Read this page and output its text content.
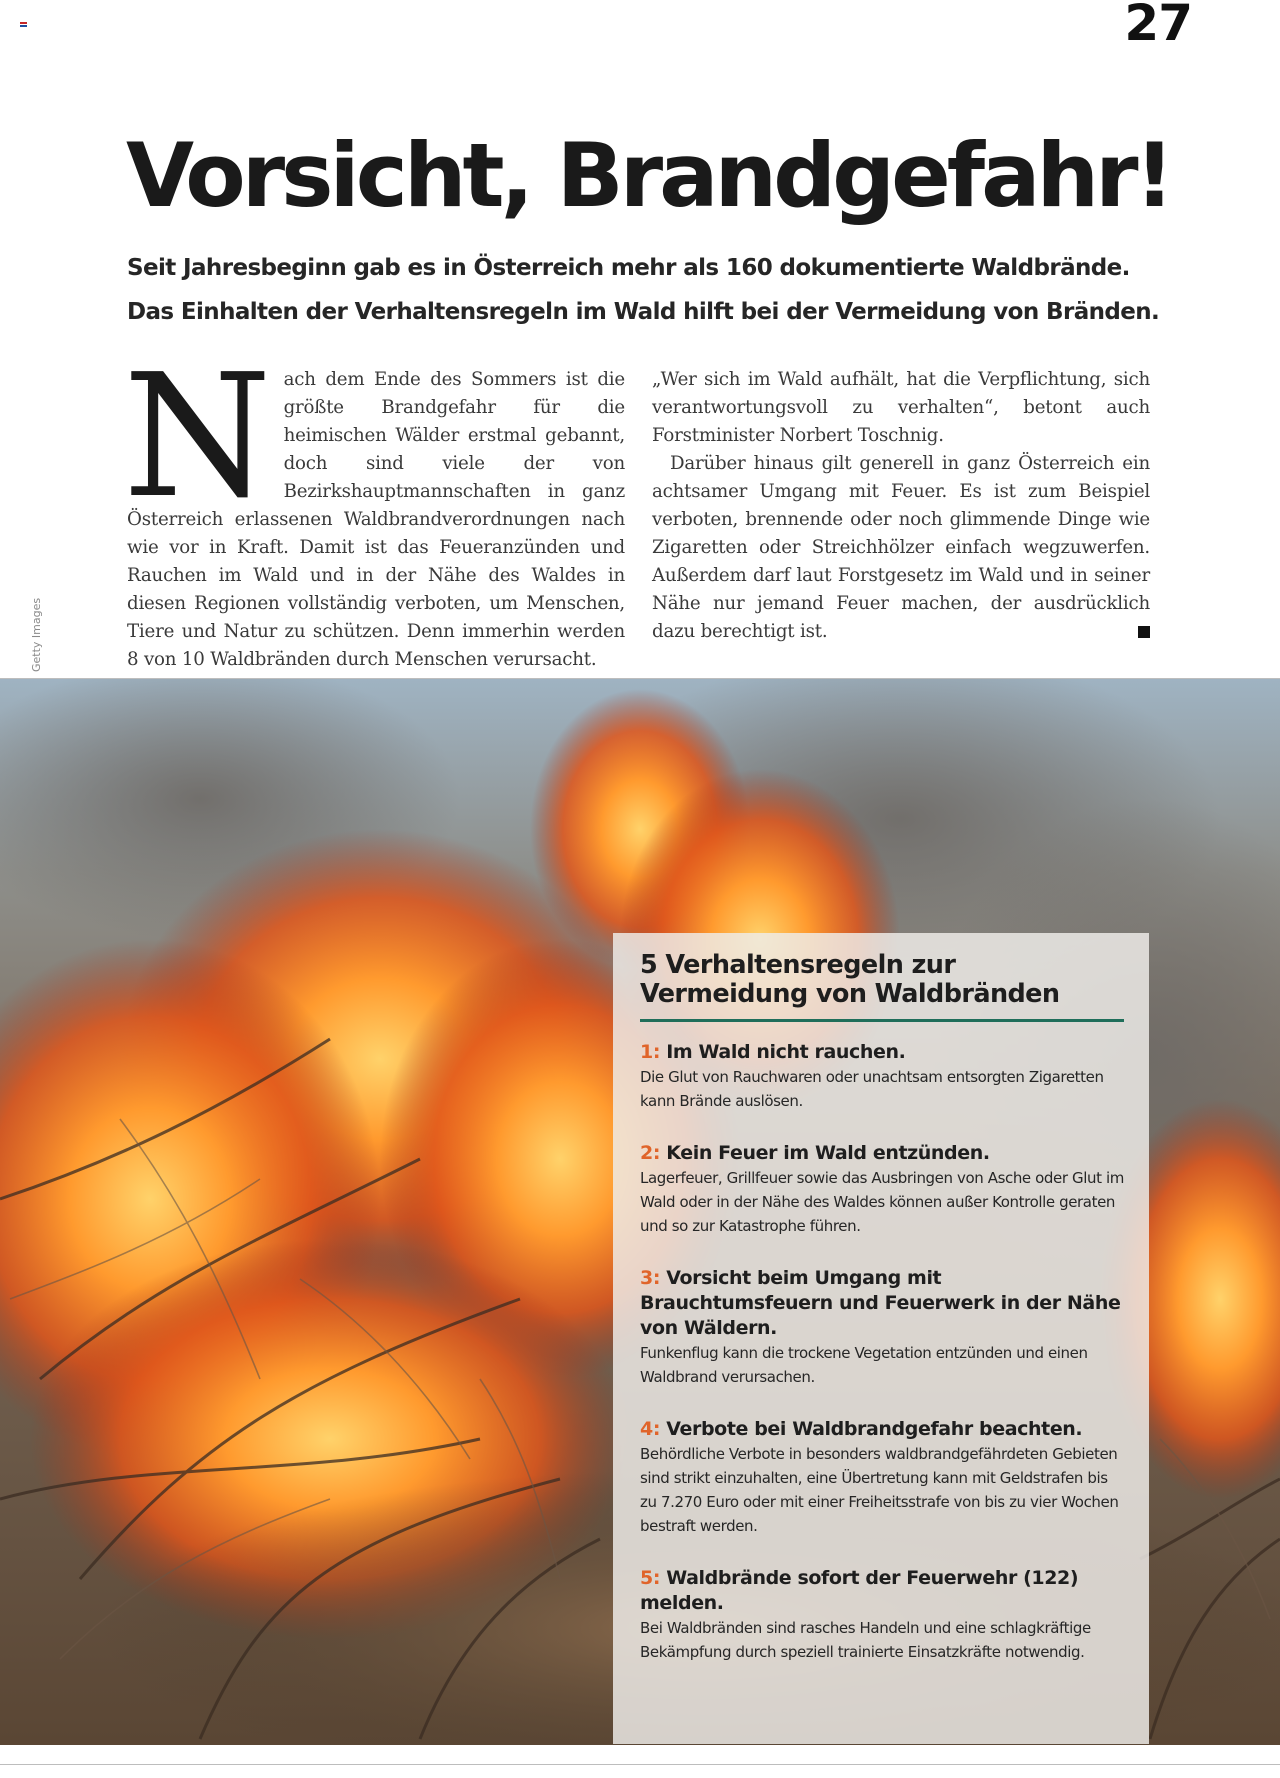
27
Vorsicht, Brandgefahr!
Seit Jahresbeginn gab es in Österreich mehr als 160 dokumentierte Waldbrände.
Das Einhalten der Verhaltensregeln im Wald hilft bei der Vermeidung von Bränden.

Nach dem Ende des Sommers ist die größte Brandgefahr für die heimischen Wälder erstmal gebannt, doch sind viele der von Bezirkshauptmannschaften in ganz Österreich erlassenen Waldbrandverordnungen nach wie vor in Kraft. Damit ist das Feueranzünden und Rauchen im Wald und in der Nähe des Waldes in diesen Regionen vollständig verboten, um Menschen, Tiere und Natur zu schützen. Denn immerhin werden 8 von 10 Waldbränden durch Menschen verursacht.

„Wer sich im Wald aufhält, hat die Verpflichtung, sich verantwortungsvoll zu verhalten“, betont auch Forstminister Norbert Toschnig.

Darüber hinaus gilt generell in ganz Österreich ein achtsamer Umgang mit Feuer. Es ist zum Beispiel verboten, brennende oder noch glimmende Dinge wie Zigaretten oder Streichhölzer einfach wegzuwerfen. Außerdem darf laut Forstgesetz im Wald und in seiner Nähe nur jemand Feuer machen, der ausdrücklich dazu berechtigt ist.

Getty Images
5 Verhaltensregeln zur Vermeidung von Waldbränden
1: Im Wald nicht rauchen.
Die Glut von Rauchwaren oder unachtsam entsorgten Zigaretten kann Brände auslösen.
2: Kein Feuer im Wald entzünden.
Lagerfeuer, Grillfeuer sowie das Ausbringen von Asche oder Glut im Wald oder in der Nähe des Waldes können außer Kontrolle geraten und so zur Katastrophe führen.
3: Vorsicht beim Umgang mit Brauchtumsfeuern und Feuerwerk in der Nähe von Wäldern.
Funkenflug kann die trockene Vegetation entzünden und einen Waldbrand verursachen.
4: Verbote bei Waldbrandgefahr beachten.
Behördliche Verbote in besonders waldbrandgefährdeten Gebieten sind strikt einzuhalten, eine Übertretung kann mit Geldstrafen bis zu 7.270 Euro oder mit einer Freiheitsstrafe von bis zu vier Wochen bestraft werden.
5: Waldbrände sofort der Feuerwehr (122) melden.
Bei Waldbränden sind rasches Handeln und eine schlagkräftige Bekämpfung durch speziell trainierte Einsatzkräfte notwendig.
